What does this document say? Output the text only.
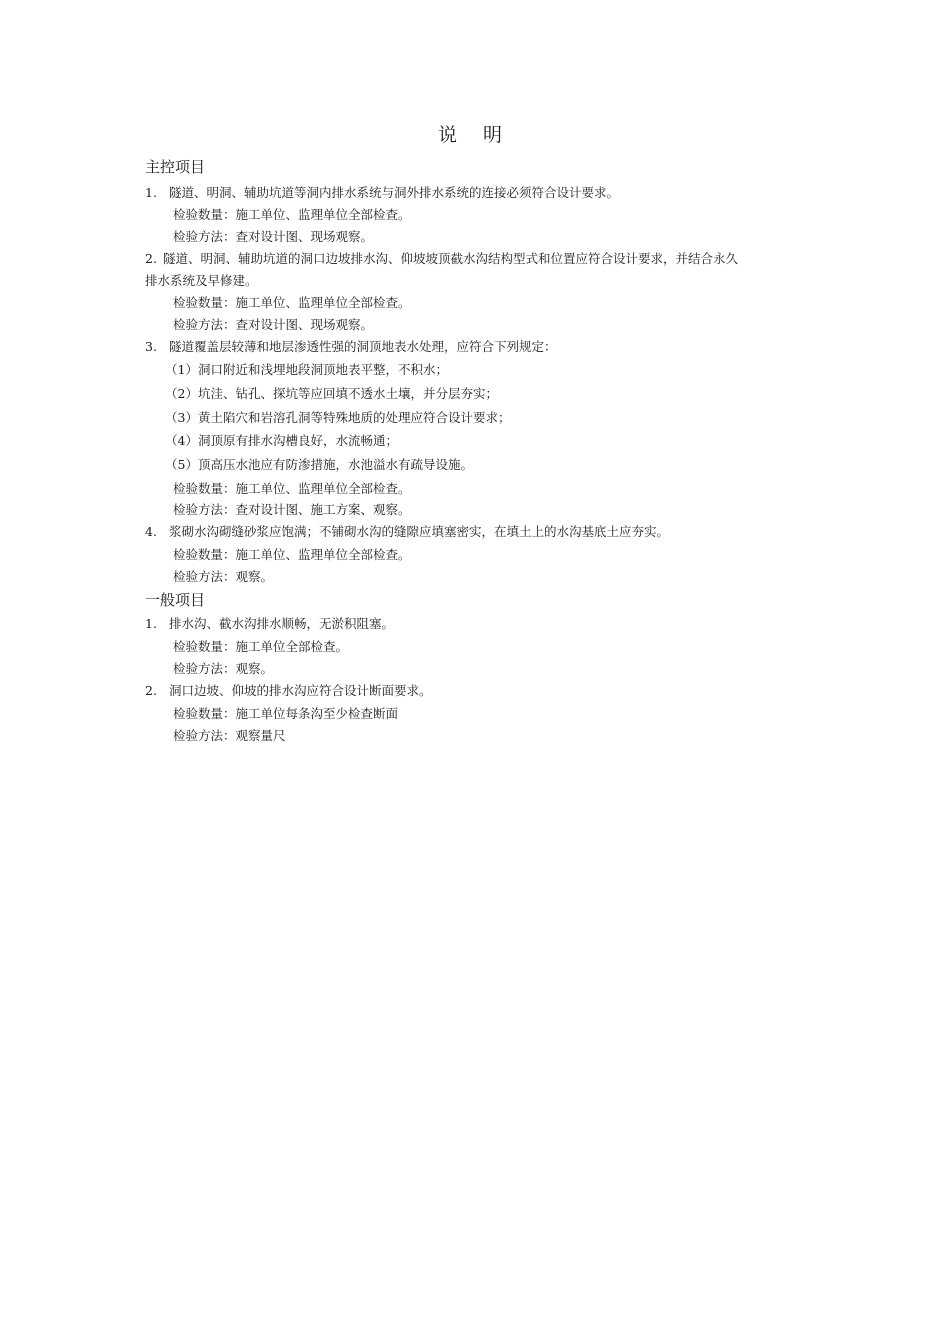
说 明
主控项目
1. 隧道、明洞、辅助坑道等洞内排水系统与洞外排水系统的连接必须符合设计要求。
检验数量：施工单位、监理单位全部检查。
检验方法：查对设计图、现场观察。
2. 隧道、明洞、辅助坑道的洞口边坡排水沟、仰坡坡顶截水沟结构型式和位置应符合设计要求，并结合永久
排水系统及早修建。
检验数量：施工单位、监理单位全部检查。
检验方法：查对设计图、现场观察。
3. 隧道覆盖层较薄和地层渗透性强的洞顶地表水处理，应符合下列规定：
（1）洞口附近和浅埋地段洞顶地表平整，不积水；
（2）坑洼、钻孔、探坑等应回填不透水土壤，并分层夯实；
（3）黄土陷穴和岩溶孔洞等特殊地质的处理应符合设计要求；
（4）洞顶原有排水沟槽良好，水流畅通；
（5）顶高压水池应有防渗措施，水池溢水有疏导设施。
检验数量：施工单位、监理单位全部检查。
检验方法：查对设计图、施工方案、观察。
4. 浆砌水沟砌缝砂浆应饱满；不铺砌水沟的缝隙应填塞密实，在填土上的水沟基底土应夯实。
检验数量：施工单位、监理单位全部检查。
检验方法：观察。
一般项目
1. 排水沟、截水沟排水顺畅，无淤积阻塞。
检验数量：施工单位全部检查。
检验方法：观察。
2. 洞口边坡、仰坡的排水沟应符合设计断面要求。
检验数量：施工单位每条沟至少检查断面
检验方法：观察量尺
